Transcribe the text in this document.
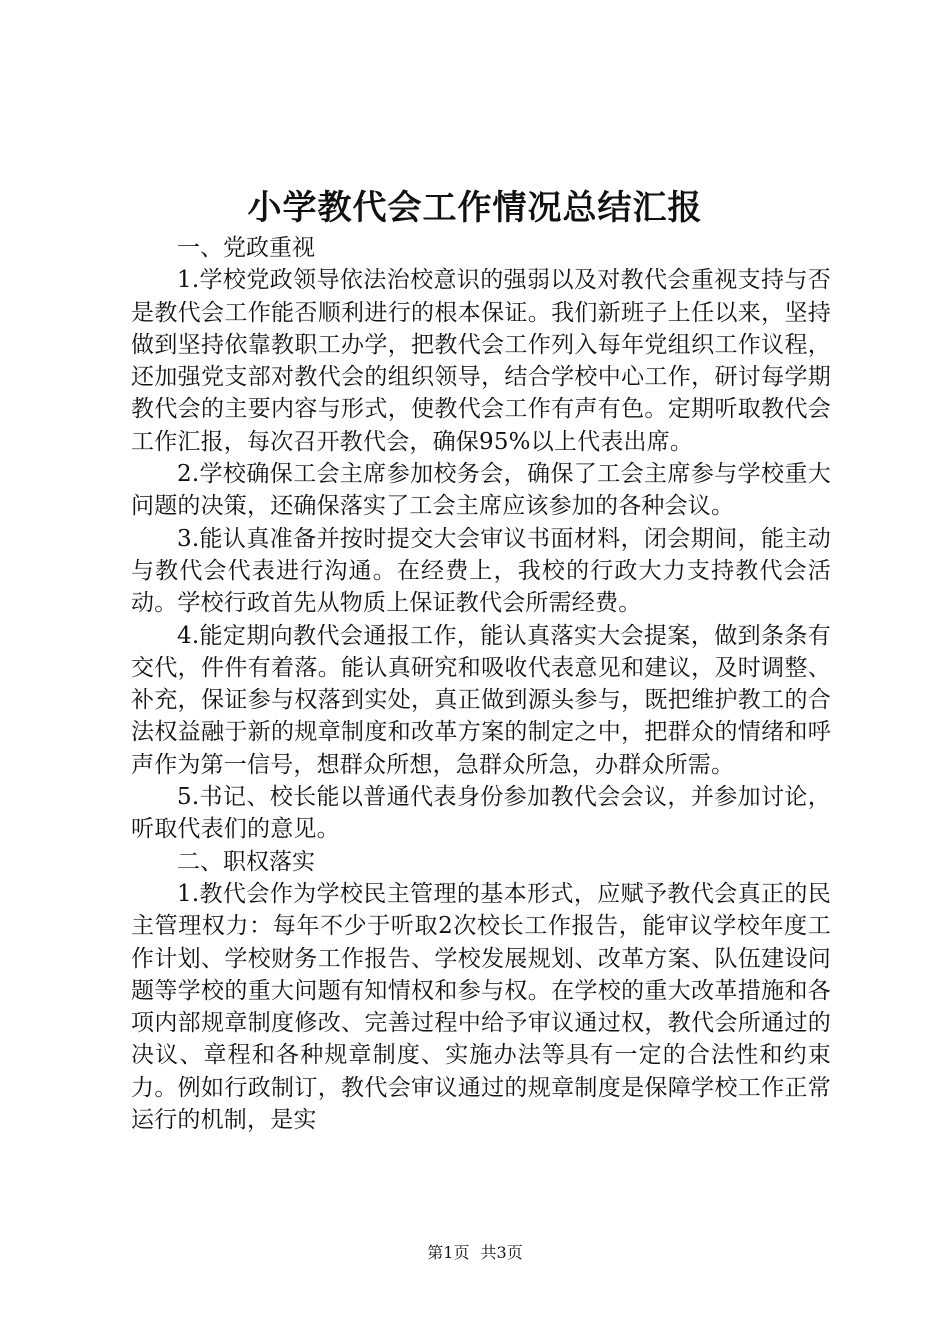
小学教代会工作情况总结汇报

一、党政重视

1.学校党政领导依法治校意识的强弱以及对教代会重视支持与否是教代会工作能否顺利进行的根本保证。我们新班子上任以来，坚持做到坚持依靠教职工办学，把教代会工作列入每年党组织工作议程，还加强党支部对教代会的组织领导，结合学校中心工作，研讨每学期教代会的主要内容与形式，使教代会工作有声有色。定期听取教代会工作汇报，每次召开教代会，确保95%以上代表出席。

2.学校确保工会主席参加校务会，确保了工会主席参与学校重大问题的决策，还确保落实了工会主席应该参加的各种会议。

3.能认真准备并按时提交大会审议书面材料，闭会期间，能主动与教代会代表进行沟通。在经费上，我校的行政大力支持教代会活动。学校行政首先从物质上保证教代会所需经费。

4.能定期向教代会通报工作，能认真落实大会提案，做到条条有交代，件件有着落。能认真研究和吸收代表意见和建议，及时调整、补充，保证参与权落到实处，真正做到源头参与，既把维护教工的合法权益融于新的规章制度和改革方案的制定之中，把群众的情绪和呼声作为第一信号，想群众所想，急群众所急，办群众所需。

5.书记、校长能以普通代表身份参加教代会会议，并参加讨论，听取代表们的意见。

二、职权落实

1.教代会作为学校民主管理的基本形式，应赋予教代会真正的民主管理权力：每年不少于听取2次校长工作报告，能审议学校年度工作计划、学校财务工作报告、学校发展规划、改革方案、队伍建设问题等学校的重大问题有知情权和参与权。在学校的重大改革措施和各项内部规章制度修改、完善过程中给予审议通过权，教代会所通过的决议、章程和各种规章制度、实施办法等具有一定的合法性和约束力。例如行政制订，教代会审议通过的规章制度是保障学校工作正常运行的机制，是实

第1页 共3页
